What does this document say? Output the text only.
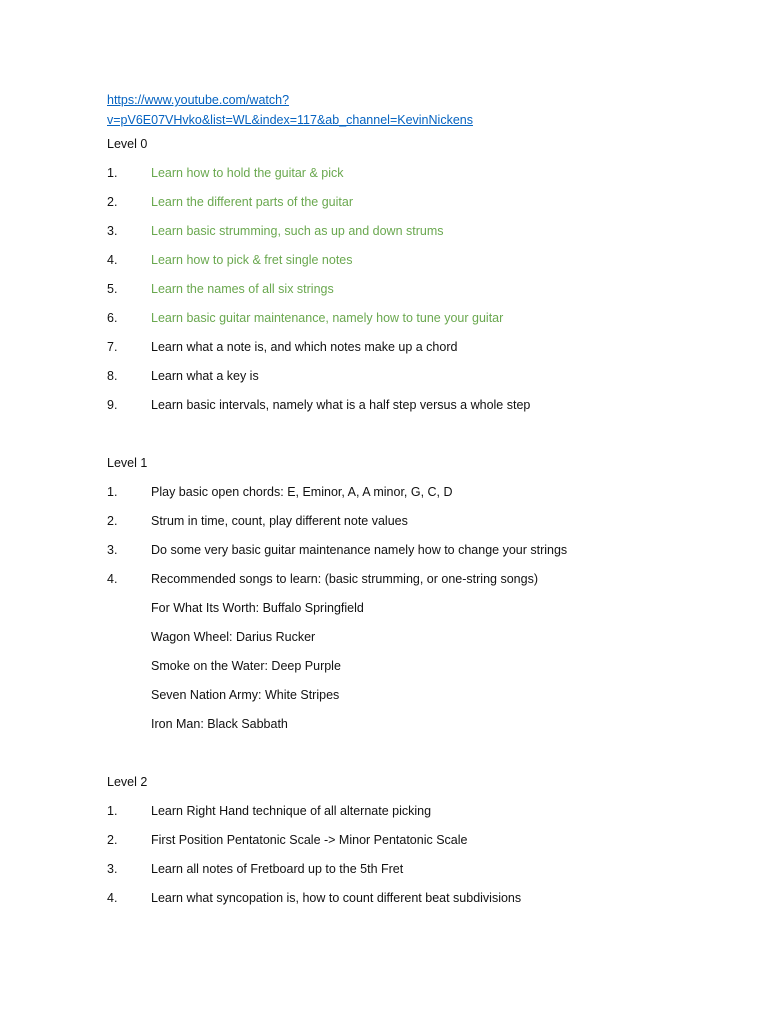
https://www.youtube.com/watch?
v=pV6E07VHvko&list=WL&index=117&ab_channel=KevinNickens
Level 0
1.	Learn how to hold the guitar & pick
2.	Learn the different parts of the guitar
3.	Learn basic strumming, such as up and down strums
4.	Learn how to pick & fret single notes
5.	Learn the names of all six strings
6.	Learn basic guitar maintenance, namely how to tune your guitar
7.	Learn what a note is, and which notes make up a chord
8.	Learn what a key is
9.	Learn basic intervals, namely what is a half step versus a whole step
Level 1
1.	Play basic open chords: E, Eminor, A, A minor, G, C, D
2.	Strum in time, count, play different note values
3.	Do some very basic guitar maintenance namely how to change your strings
4.	Recommended songs to learn: (basic strumming, or one-string songs)
For What Its Worth: Buffalo Springfield
Wagon Wheel: Darius Rucker
Smoke on the Water: Deep Purple
Seven Nation Army: White Stripes
Iron Man: Black Sabbath
Level 2
1.	Learn Right Hand technique of all alternate picking
2.	First Position Pentatonic Scale -> Minor Pentatonic Scale
3.	Learn all notes of Fretboard up to the 5th Fret
4.	Learn what syncopation is, how to count different beat subdivisions
